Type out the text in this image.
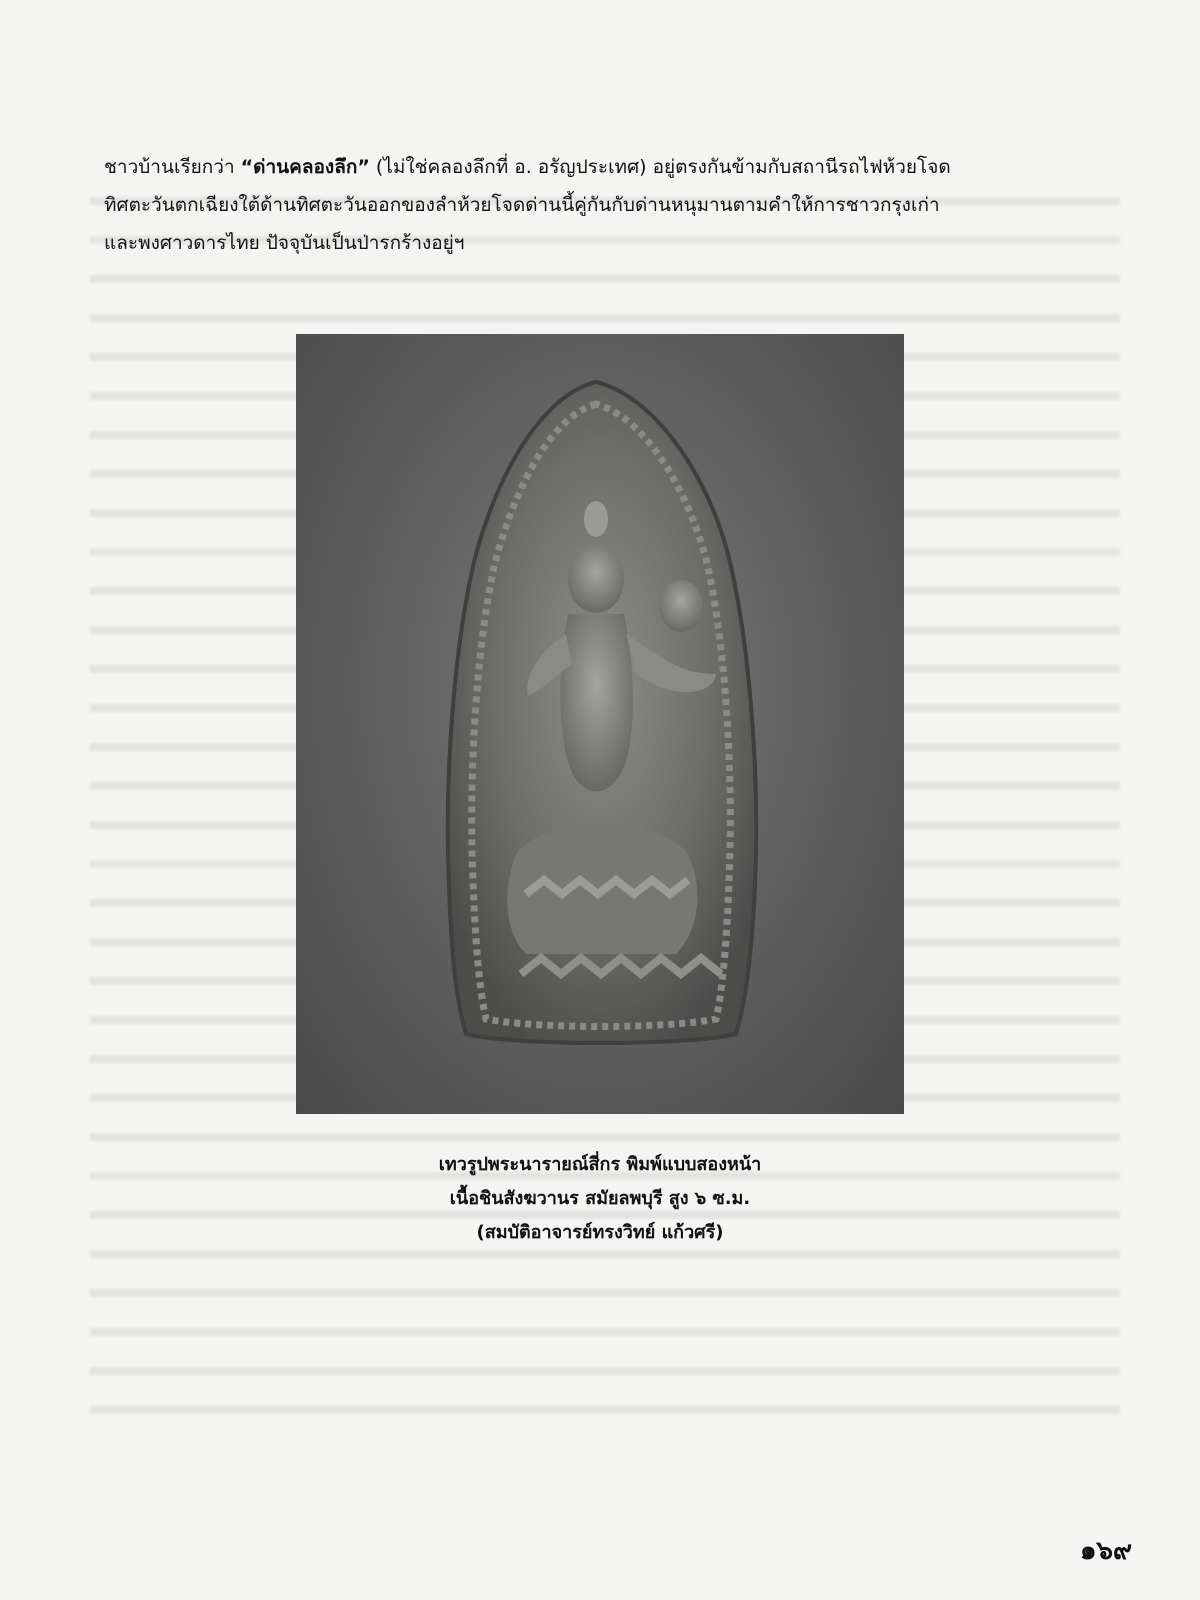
ชาวบ้านเรียกว่า “ด่านคลองลึก” (ไม่ใช่คลองลึกที่ อ. อรัญประเทศ) อยู่ตรงกันข้ามกับสถานีรถไฟห้วยโจด
ทิศตะวันตกเฉียงใต้ด้านทิศตะวันออกของลำห้วยโจดด่านนี้คู่กันกับด่านหนุมานตามคำให้การชาวกรุงเก่า
และพงศาวดารไทย ปัจจุบันเป็นป่ารกร้างอยู่ฯ
เทวรูปพระนารายณ์สี่กร พิมพ์แบบสองหน้า
เนื้อชินสังฆวานร สมัยลพบุรี สูง ๖ ซ.ม.
(สมบัติอาจารย์ทรงวิทย์ แก้วศรี)
๑๖๙
